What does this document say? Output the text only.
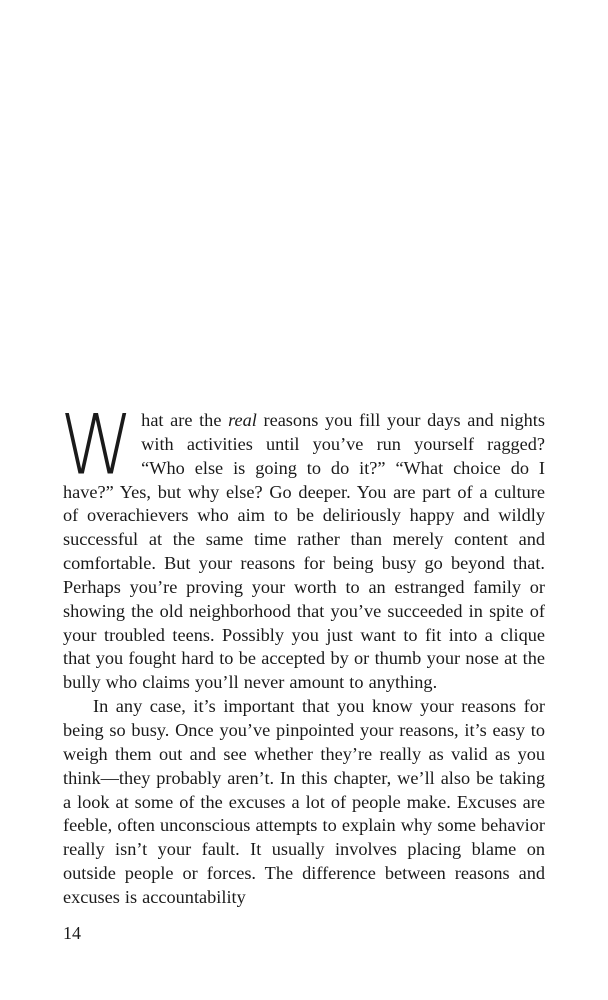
What are the real reasons you fill your days and nights with activities until you’ve run yourself ragged? “Who else is going to do it?” “What choice do I have?” Yes, but why else? Go deeper. You are part of a culture of overachievers who aim to be deliriously happy and wildly successful at the same time rather than merely content and comfortable. But your reasons for being busy go beyond that. Perhaps you’re proving your worth to an estranged family or showing the old neighborhood that you’ve succeeded in spite of your troubled teens. Possibly you just want to fit into a clique that you fought hard to be accepted by or thumb your nose at the bully who claims you’ll never amount to anything.

In any case, it’s important that you know your reasons for being so busy. Once you’ve pinpointed your reasons, it’s easy to weigh them out and see whether they’re really as valid as you think—they probably aren’t. In this chapter, we’ll also be taking a look at some of the excuses a lot of people make. Excuses are feeble, often unconscious attempts to explain why some behavior really isn’t your fault. It usually involves placing blame on outside people or forces. The difference between reasons and excuses is accountability

14
